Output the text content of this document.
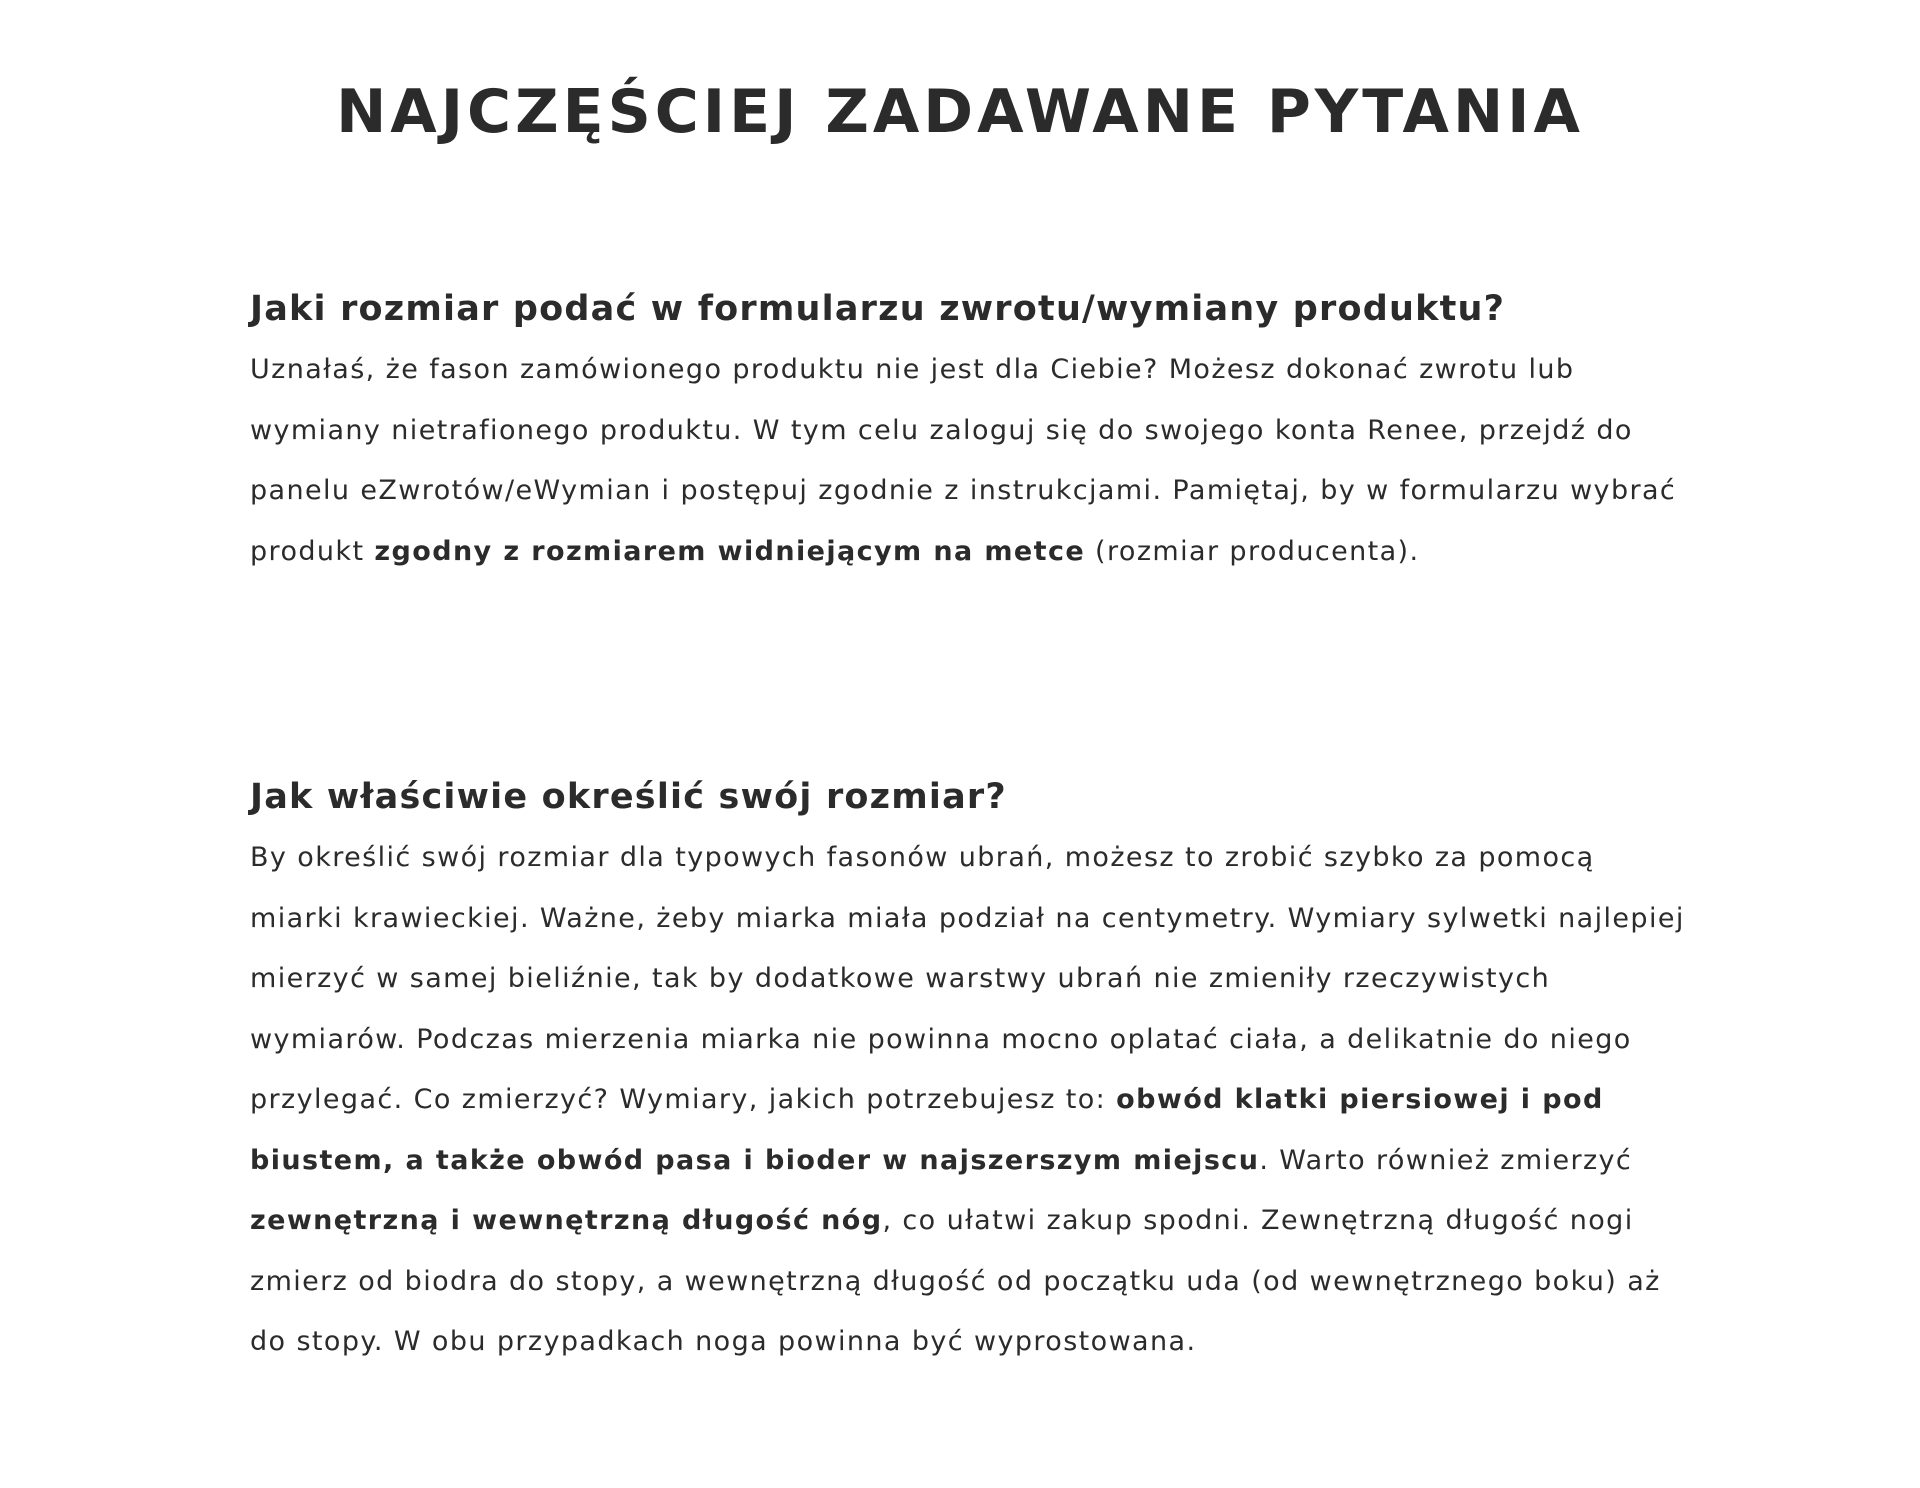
NAJCZĘŚCIEJ ZADAWANE PYTANIA
Jaki rozmiar podać w formularzu zwrotu/wymiany produktu?

Uznałaś, że fason zamówionego produktu nie jest dla Ciebie? Możesz dokonać zwrotu lub wymiany nietrafionego produktu. W tym celu zaloguj się do swojego konta Renee, przejdź do panelu eZwrotów/eWymian i postępuj zgodnie z instrukcjami. Pamiętaj, by w formularzu wybrać produkt zgodny z rozmiarem widniejącym na metce (rozmiar producenta).

Jak właściwie określić swój rozmiar?

By określić swój rozmiar dla typowych fasonów ubrań, możesz to zrobić szybko za pomocą miarki krawieckiej. Ważne, żeby miarka miała podział na centymetry. Wymiary sylwetki najlepiej mierzyć w samej bieliźnie, tak by dodatkowe warstwy ubrań nie zmieniły rzeczywistych wymiarów. Podczas mierzenia miarka nie powinna mocno oplatać ciała, a delikatnie do niego przylegać. Co zmierzyć? Wymiary, jakich potrzebujesz to: obwód klatki piersiowej i pod biustem, a także obwód pasa i bioder w najszerszym miejscu. Warto również zmierzyć zewnętrzną i wewnętrzną długość nóg, co ułatwi zakup spodni. Zewnętrzną długość nogi zmierz od biodra do stopy, a wewnętrzną długość od początku uda (od wewnętrznego boku) aż do stopy. W obu przypadkach noga powinna być wyprostowana.
